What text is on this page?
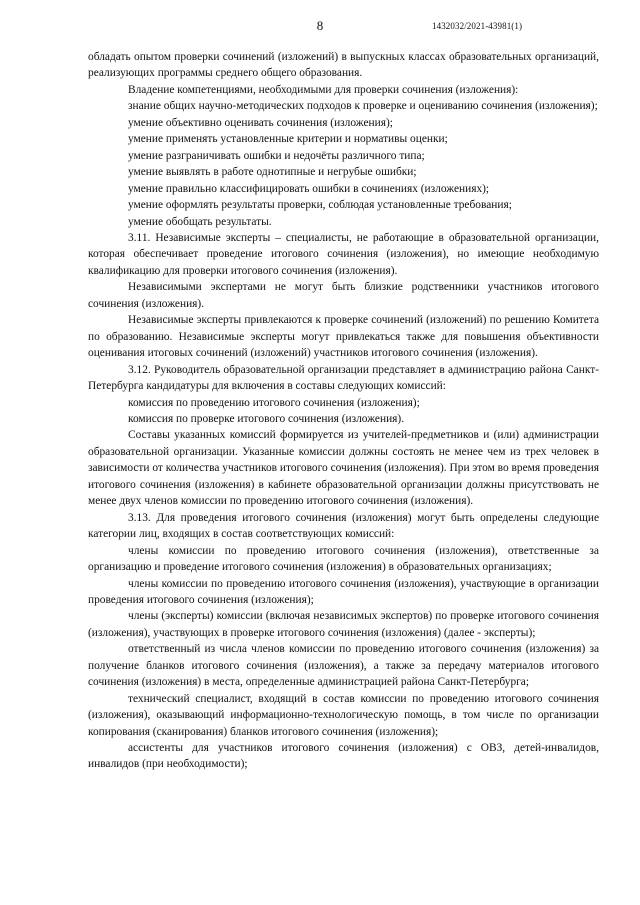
8	1432032/2021-43981(1)

обладать опытом проверки сочинений (изложений) в выпускных классах образовательных организаций, реализующих программы среднего общего образования.

Владение компетенциями, необходимыми для проверки сочинения (изложения):

знание общих научно-методических подходов к проверке и оцениванию сочинения (изложения);

умение объективно оценивать сочинения (изложения);

умение применять установленные критерии и нормативы оценки;

умение разграничивать ошибки и недочёты различного типа;

умение выявлять в работе однотипные и негрубые ошибки;

умение правильно классифицировать ошибки в сочинениях (изложениях);

умение оформлять результаты проверки, соблюдая установленные требования;

умение обобщать результаты.

3.11. Независимые эксперты – специалисты, не работающие в образовательной организации, которая обеспечивает проведение итогового сочинения (изложения), но имеющие необходимую квалификацию для проверки итогового сочинения (изложения).

Независимыми экспертами не могут быть близкие родственники участников итогового сочинения (изложения).

Независимые эксперты привлекаются к проверке сочинений (изложений) по решению Комитета по образованию. Независимые эксперты могут привлекаться также для повышения объективности оценивания итоговых сочинений (изложений) участников итогового сочинения (изложения).

3.12. Руководитель образовательной организации представляет в администрацию района Санкт-Петербурга кандидатуры для включения в составы следующих комиссий:

комиссия по проведению итогового сочинения (изложения);

комиссия по проверке итогового сочинения (изложения).

Составы указанных комиссий формируется из учителей-предметников и (или) администрации образовательной организации. Указанные комиссии должны состоять не менее чем из трех человек в зависимости от количества участников итогового сочинения (изложения). При этом во время проведения итогового сочинения (изложения) в кабинете образовательной организации должны присутствовать не менее двух членов комиссии по проведению итогового сочинения (изложения).

3.13. Для проведения итогового сочинения (изложения) могут быть определены следующие категории лиц, входящих в состав соответствующих комиссий:

члены комиссии по проведению итогового сочинения (изложения), ответственные за организацию и проведение итогового сочинения (изложения) в образовательных организациях;

члены комиссии по проведению итогового сочинения (изложения), участвующие в организации проведения итогового сочинения (изложения);

члены (эксперты) комиссии (включая независимых экспертов) по проверке итогового сочинения (изложения), участвующих в проверке итогового сочинения (изложения) (далее - эксперты);

ответственный из числа членов комиссии по проведению итогового сочинения (изложения) за получение бланков итогового сочинения (изложения), а также за передачу материалов итогового сочинения (изложения) в места, определенные администрацией района Санкт-Петербурга;

технический специалист, входящий в состав комиссии по проведению итогового сочинения (изложения), оказывающий информационно-технологическую помощь, в том числе по организации копирования (сканирования) бланков итогового сочинения (изложения);

ассистенты для участников итогового сочинения (изложения) с ОВЗ, детей-инвалидов, инвалидов (при необходимости);
